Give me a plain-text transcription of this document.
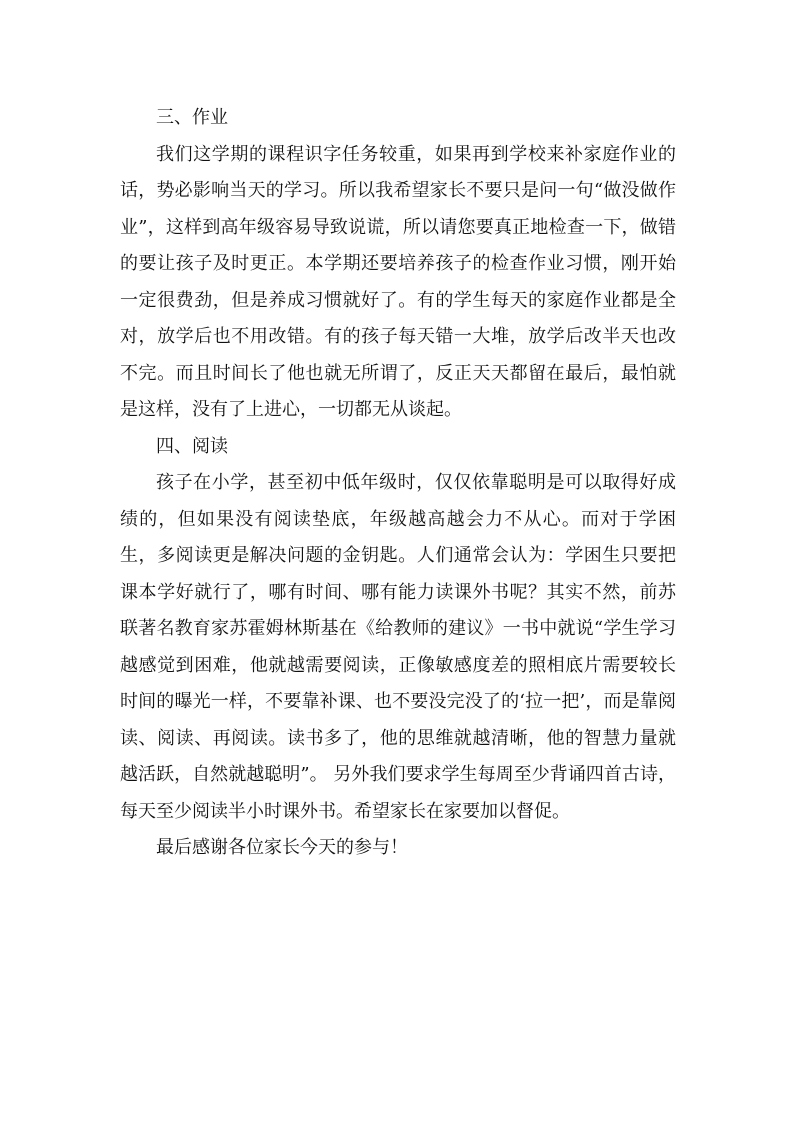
三、作业

我们这学期的课程识字任务较重，如果再到学校来补家庭作业的话，势必影响当天的学习。所以我希望家长不要只是问一句“做没做作业”，这样到高年级容易导致说谎，所以请您要真正地检查一下，做错的要让孩子及时更正。本学期还要培养孩子的检查作业习惯，刚开始一定很费劲，但是养成习惯就好了。有的学生每天的家庭作业都是全对，放学后也不用改错。有的孩子每天错一大堆，放学后改半天也改不完。而且时间长了他也就无所谓了，反正天天都留在最后，最怕就是这样，没有了上进心，一切都无从谈起。

四、阅读

孩子在小学，甚至初中低年级时，仅仅依靠聪明是可以取得好成绩的，但如果没有阅读垫底，年级越高越会力不从心。而对于学困生，多阅读更是解决问题的金钥匙。人们通常会认为：学困生只要把课本学好就行了，哪有时间、哪有能力读课外书呢？其实不然，前苏联著名教育家苏霍姆林斯基在《给教师的建议》一书中就说“学生学习越感觉到困难，他就越需要阅读，正像敏感度差的照相底片需要较长时间的曝光一样，不要靠补课、也不要没完没了的‘拉一把’，而是靠阅读、阅读、再阅读。读书多了，他的思维就越清晰，他的智慧力量就越活跃，自然就越聪明”。 另外我们要求学生每周至少背诵四首古诗，每天至少阅读半小时课外书。希望家长在家要加以督促。

最后感谢各位家长今天的参与！
